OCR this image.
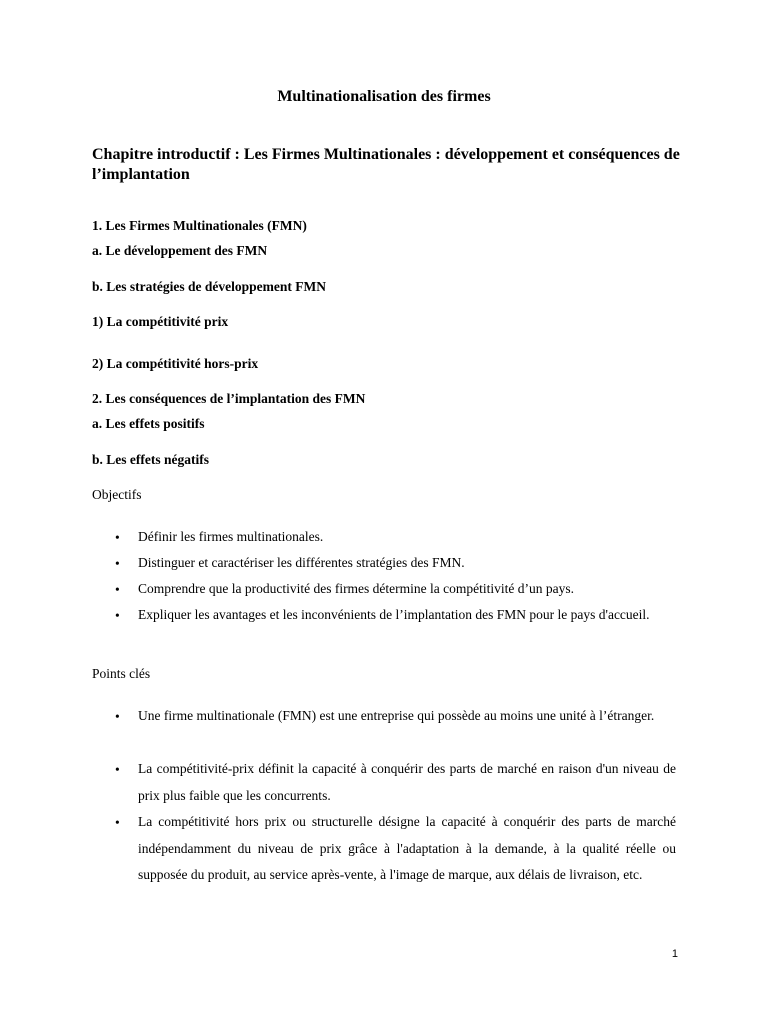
Multinationalisation des firmes
Chapitre introductif : Les Firmes Multinationales : développement et conséquences de l’implantation
1. Les Firmes Multinationales (FMN)
a. Le développement des FMN
b. Les stratégies de développement FMN
1) La compétitivité prix
2) La compétitivité hors-prix
2. Les conséquences de l’implantation des FMN
a. Les effets positifs
b. Les effets négatifs
Objectifs
• Définir les firmes multinationales.
• Distinguer et caractériser les différentes stratégies des FMN.
• Comprendre que la productivité des firmes détermine la compétitivité d’un pays.
• Expliquer les avantages et les inconvénients de l’implantation des FMN pour le pays d'accueil.
Points clés
• Une firme multinationale (FMN) est une entreprise qui possède au moins une unité à l’étranger.
• La compétitivité-prix définit la capacité à conquérir des parts de marché en raison d'un niveau de prix plus faible que les concurrents.
• La compétitivité hors prix ou structurelle désigne la capacité à conquérir des parts de marché indépendamment du niveau de prix grâce à l'adaptation à la demande, à la qualité réelle ou supposée du produit, au service après-vente, à l'image de marque, aux délais de livraison, etc.
1
